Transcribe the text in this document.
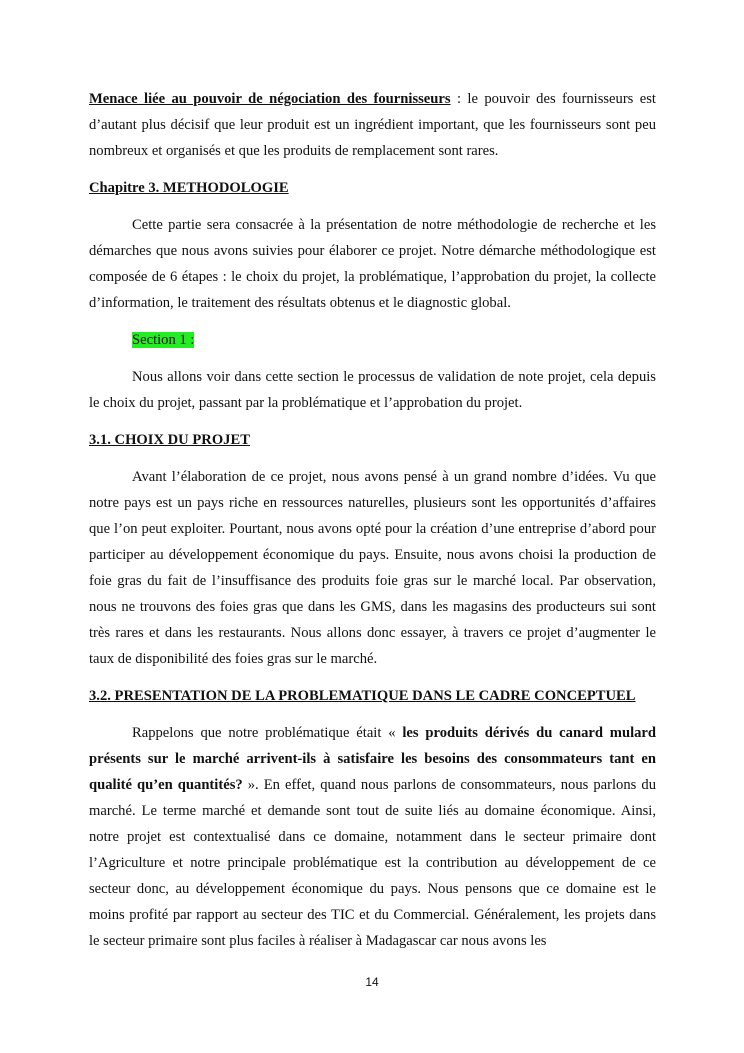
Menace liée au pouvoir de négociation des fournisseurs : le pouvoir des fournisseurs est d’autant plus décisif que leur produit est un ingrédient important, que les fournisseurs sont peu nombreux et organisés et que les produits de remplacement sont rares.

Chapitre 3. METHODOLOGIE

Cette partie sera consacrée à la présentation de notre méthodologie de recherche et les démarches que nous avons suivies pour élaborer ce projet. Notre démarche méthodologique est composée de 6 étapes : le choix du projet, la problématique, l’approbation du projet, la collecte d’information, le traitement des résultats obtenus et le diagnostic global.

Section 1 :

Nous allons voir dans cette section le processus de validation de note projet, cela depuis le choix du projet, passant par la problématique et l’approbation du projet.

3.1. CHOIX DU PROJET

Avant l’élaboration de ce projet, nous avons pensé à un grand nombre d’idées. Vu que notre pays est un pays riche en ressources naturelles, plusieurs sont les opportunités d’affaires que l’on peut exploiter. Pourtant, nous avons opté pour la création d’une entreprise d’abord pour participer au développement économique du pays. Ensuite, nous avons choisi la production de foie gras du fait de l’insuffisance des produits foie gras sur le marché local. Par observation, nous ne trouvons des foies gras que dans les GMS, dans les magasins des producteurs sui sont très rares et dans les restaurants. Nous allons donc essayer, à travers ce projet d’augmenter le taux de disponibilité des foies gras sur le marché.

3.2. PRESENTATION DE LA PROBLEMATIQUE DANS LE CADRE CONCEPTUEL

Rappelons que notre problématique était « les produits dérivés du canard mulard présents sur le marché arrivent-ils à satisfaire les besoins des consommateurs tant en qualité qu’en quantités? ». En effet, quand nous parlons de consommateurs, nous parlons du marché. Le terme marché et demande sont tout de suite liés au domaine économique. Ainsi, notre projet est contextualisé dans ce domaine, notamment dans le secteur primaire dont l’Agriculture et notre principale problématique est la contribution au développement de ce secteur donc, au développement économique du pays. Nous pensons que ce domaine est le moins profité par rapport au secteur des TIC et du Commercial. Généralement, les projets dans le secteur primaire sont plus faciles à réaliser à Madagascar car nous avons les

14
